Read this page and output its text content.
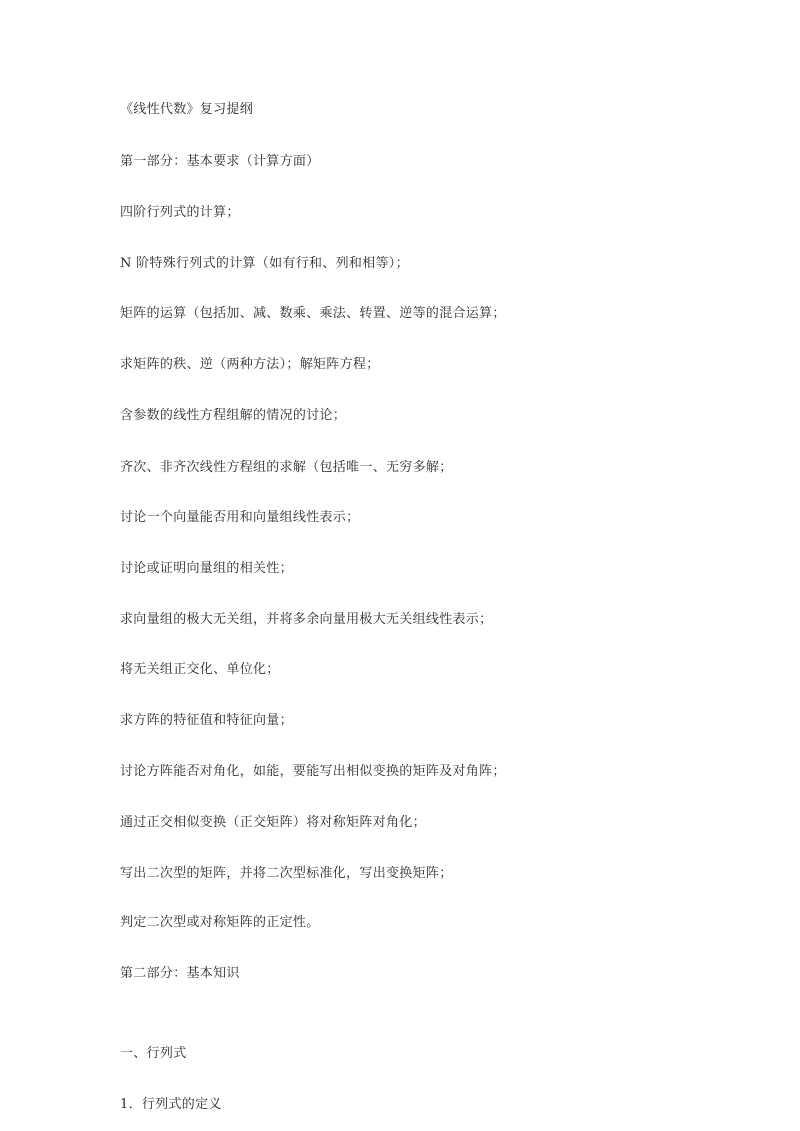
《线性代数》复习提纲
第一部分：基本要求（计算方面）
四阶行列式的计算；
N 阶特殊行列式的计算（如有行和、列和相等）；
矩阵的运算（包括加、减、数乘、乘法、转置、逆等的混合运算；
求矩阵的秩、逆（两种方法）；解矩阵方程；
含参数的线性方程组解的情况的讨论；
齐次、非齐次线性方程组的求解（包括唯一、无穷多解；
讨论一个向量能否用和向量组线性表示；
讨论或证明向量组的相关性；
求向量组的极大无关组，并将多余向量用极大无关组线性表示；
将无关组正交化、单位化；
求方阵的特征值和特征向量；
讨论方阵能否对角化，如能，要能写出相似变换的矩阵及对角阵；
通过正交相似变换（正交矩阵）将对称矩阵对角化；
写出二次型的矩阵，并将二次型标准化，写出变换矩阵；
判定二次型或对称矩阵的正定性。
第二部分：基本知识
一、行列式
1．行列式的定义
